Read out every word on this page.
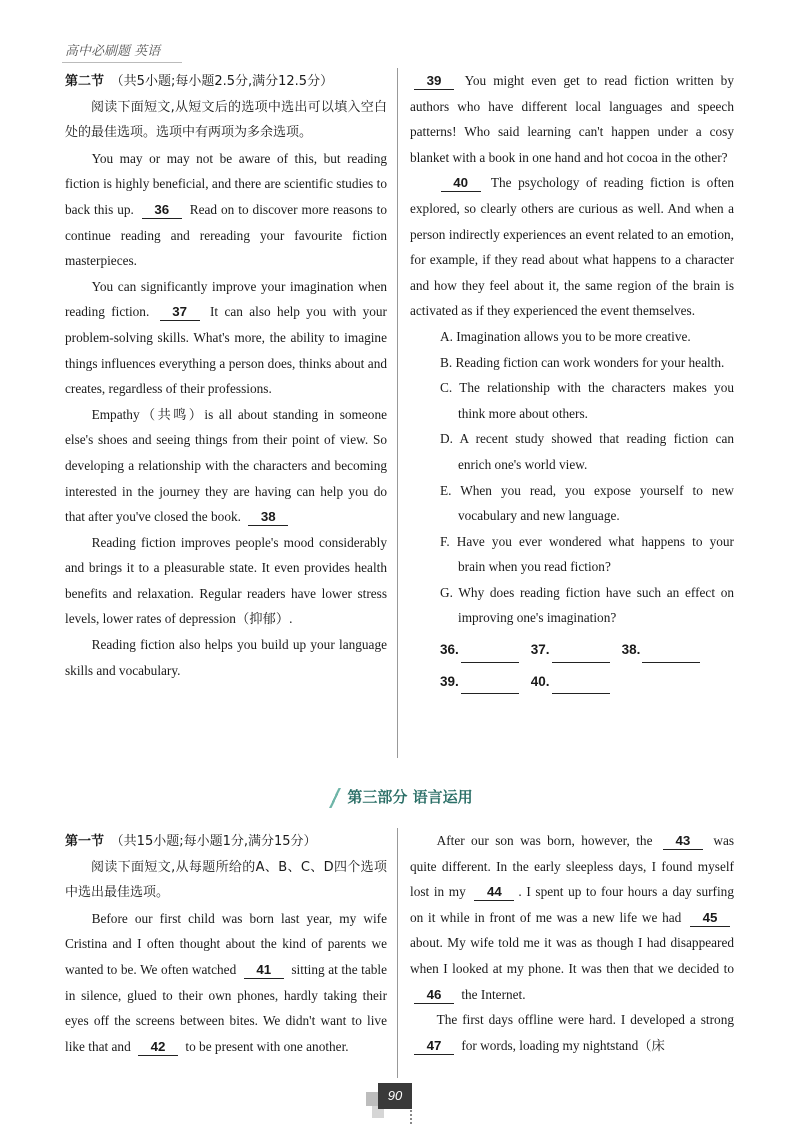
高中必刷题 英语

第二节 （共5小题;每小题2.5分,满分12.5分）

阅读下面短文,从短文后的选项中选出可以填入空白处的最佳选项。选项中有两项为多余选项。

You may or may not be aware of this, but reading fiction is highly beneficial, and there are scientific studies to back this up. 36 Read on to discover more reasons to continue reading and rereading your favourite fiction masterpieces.

You can significantly improve your imagination when reading fiction. 37 It can also help you with your problem-solving skills. What's more, the ability to imagine things influences everything a person does, thinks about and creates, regardless of their professions.

Empathy（共鸣）is all about standing in someone else's shoes and seeing things from their point of view. So developing a relationship with the characters and becoming interested in the journey they are having can help you do that after you've closed the book. 38

Reading fiction improves people's mood considerably and brings it to a pleasurable state. It even provides health benefits and relaxation. Regular readers have lower stress levels, lower rates of depression（抑郁）.

Reading fiction also helps you build up your language skills and vocabulary.

39 You might even get to read fiction written by authors who have different local languages and speech patterns! Who said learning can't happen under a cosy blanket with a book in one hand and hot cocoa in the other?

40 The psychology of reading fiction is often explored, so clearly others are curious as well. And when a person indirectly experiences an event related to an emotion, for example, if they read about what happens to a character and how they feel about it, the same region of the brain is activated as if they experienced the event themselves.

A. Imagination allows you to be more creative.

B. Reading fiction can work wonders for your health.

C. The relationship with the characters makes you think more about others.

D. A recent study showed that reading fiction can enrich one's world view.

E. When you read, you expose yourself to new vocabulary and new language.

F. Have you ever wondered what happens to your brain when you read fiction?

G. Why does reading fiction have such an effect on improving one's imagination?

36.	37.	38.
39.	40.
第三部分 语言运用

第一节 （共15小题;每小题1分,满分15分）

阅读下面短文,从每题所给的A、B、C、D四个选项中选出最佳选项。

Before our first child was born last year, my wife Cristina and I often thought about the kind of parents we wanted to be. We often watched 41 sitting at the table in silence, glued to their own phones, hardly taking their eyes off the screens between bites. We didn't want to live like that and 42 to be present with one another.

After our son was born, however, the 43 was quite different. In the early sleepless days, I found myself lost in my 44 . I spent up to four hours a day surfing on it while in front of me was a new life we had 45 about. My wife told me it was as though I had disappeared when I looked at my phone. It was then that we decided to 46 the Internet.

The first days offline were hard. I developed a strong 47 for words, loading my nightstand（床

90
